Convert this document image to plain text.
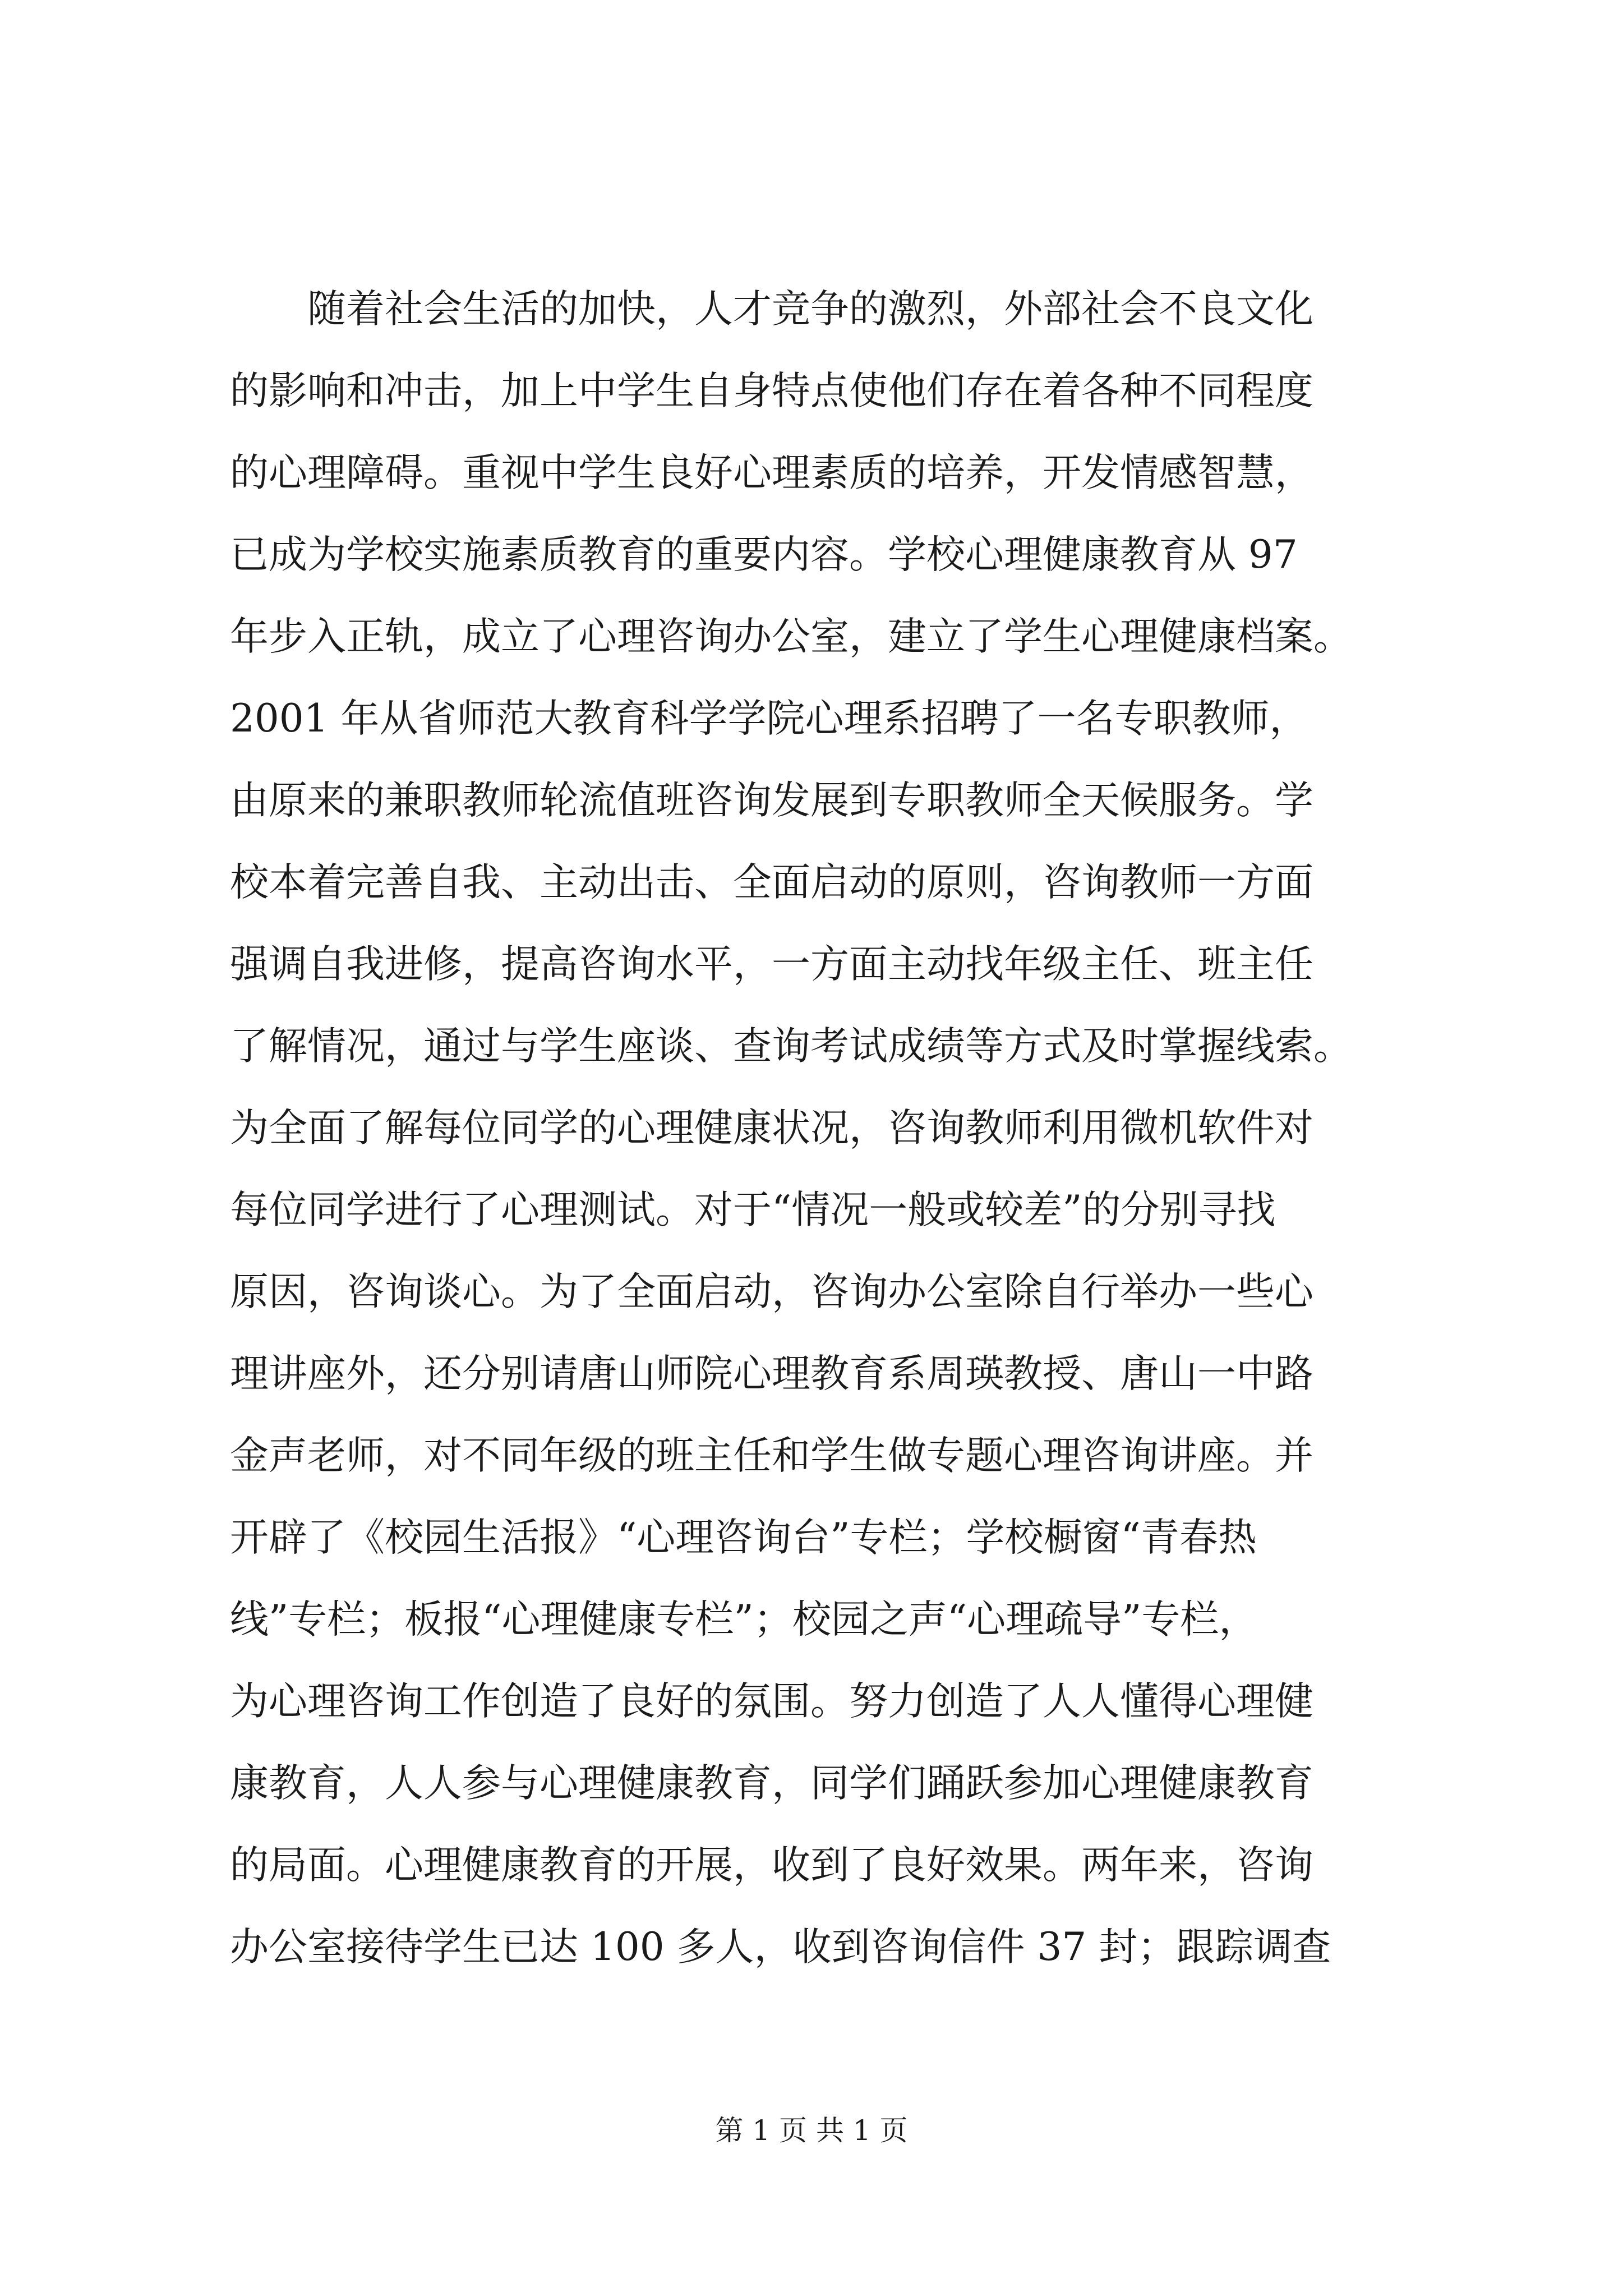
随着社会生活的加快，人才竞争的激烈，外部社会不良文化
的影响和冲击，加上中学生自身特点使他们存在着各种不同程度
的心理障碍。重视中学生良好心理素质的培养，开发情感智慧，
已成为学校实施素质教育的重要内容。学校心理健康教育从 97
年步入正轨，成立了心理咨询办公室，建立了学生心理健康档案。
2001 年从省师范大教育科学学院心理系招聘了一名专职教师，
由原来的兼职教师轮流值班咨询发展到专职教师全天候服务。学
校本着完善自我、主动出击、全面启动的原则，咨询教师一方面
强调自我进修，提高咨询水平，一方面主动找年级主任、班主任
了解情况，通过与学生座谈、查询考试成绩等方式及时掌握线索。
为全面了解每位同学的心理健康状况，咨询教师利用微机软件对
每位同学进行了心理测试。对于“情况一般或较差”的分别寻找
原因，咨询谈心。为了全面启动，咨询办公室除自行举办一些心
理讲座外，还分别请唐山师院心理教育系周瑛教授、唐山一中路
金声老师，对不同年级的班主任和学生做专题心理咨询讲座。并
开辟了《校园生活报》“心理咨询台”专栏；学校橱窗“青春热
线”专栏；板报“心理健康专栏”；校园之声“心理疏导”专栏，
为心理咨询工作创造了良好的氛围。努力创造了人人懂得心理健
康教育，人人参与心理健康教育，同学们踊跃参加心理健康教育
的局面。心理健康教育的开展，收到了良好效果。两年来，咨询
办公室接待学生已达 100 多人，收到咨询信件 37 封；跟踪调查
第 1 页 共 1 页
